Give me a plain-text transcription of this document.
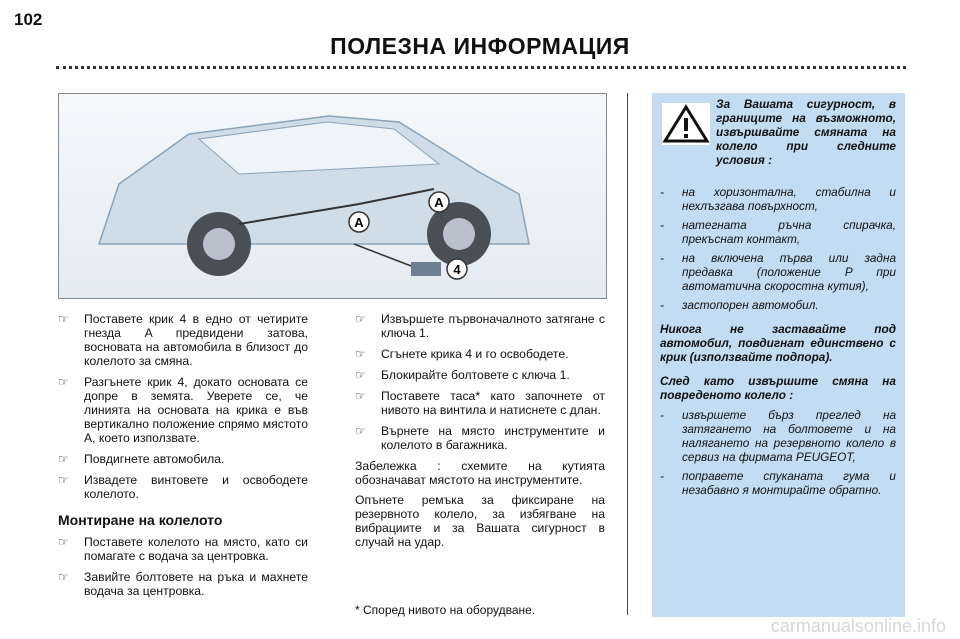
102
ПОЛЕЗНА ИНФОРМАЦИЯ
A
A
4
☞ Поставете крик 4 в едно от четирите гнезда A предвидени затова, восновата на автомобила в близост до колелото за смяна.
☞ Разгънете крик 4, докато основата се допре в земята. Уверете се, че линията на основата на крика е във вертикално положение спрямо мястото A, което използвате.
☞ Повдигнете автомобила.
☞ Извадете винтовете и освободете колелото.
Монтиране на колелото
☞ Поставете колелото на място, като си помагате с водача за центровка.
☞ Завийте болтовете на ръка и махнете водача за центровка.
☞ Извършете първоначалното затягане с ключа 1.
☞ Сгънете крика 4 и го освободете.
☞ Блокирайте болтовете с ключа 1.
☞ Поставете таса* като започнете от нивото на винтила и натиснете с длан.
☞ Върнете на място инструментите и колелото в багажника.
Забележка : схемите на кутията обозначават мястото на инструментите.
Опънете ремъка за фиксиране на резервното колело, за избягване на вибрациите и за Вашата сигурност в случай на удар.
* Според нивото на оборудване.
За Вашата сигурност, в границите на възможното, извършвайте смяната на колело при следните условия :
- на хоризонтална, стабилна и нехлъзгава повърхност,
- натегнатa ръчна спирачка, прекъснат контакт,
- на включена първа или задна предавка (положение P при автоматична скоростна кутия),
- застопорен автомобил.
Никога не заставайте под автомобил, повдигнат единствено с крик (използвайте подпора).
След като извършите смяна на повреденото колело :
- извършете бърз преглед на затягането на болтовете и на налягането на резервното колело в сервиз на фирмата PEUGEOT,
- поправете спуканата гума и незабавно я монтирайте обратно.
carmanualsonline.info
